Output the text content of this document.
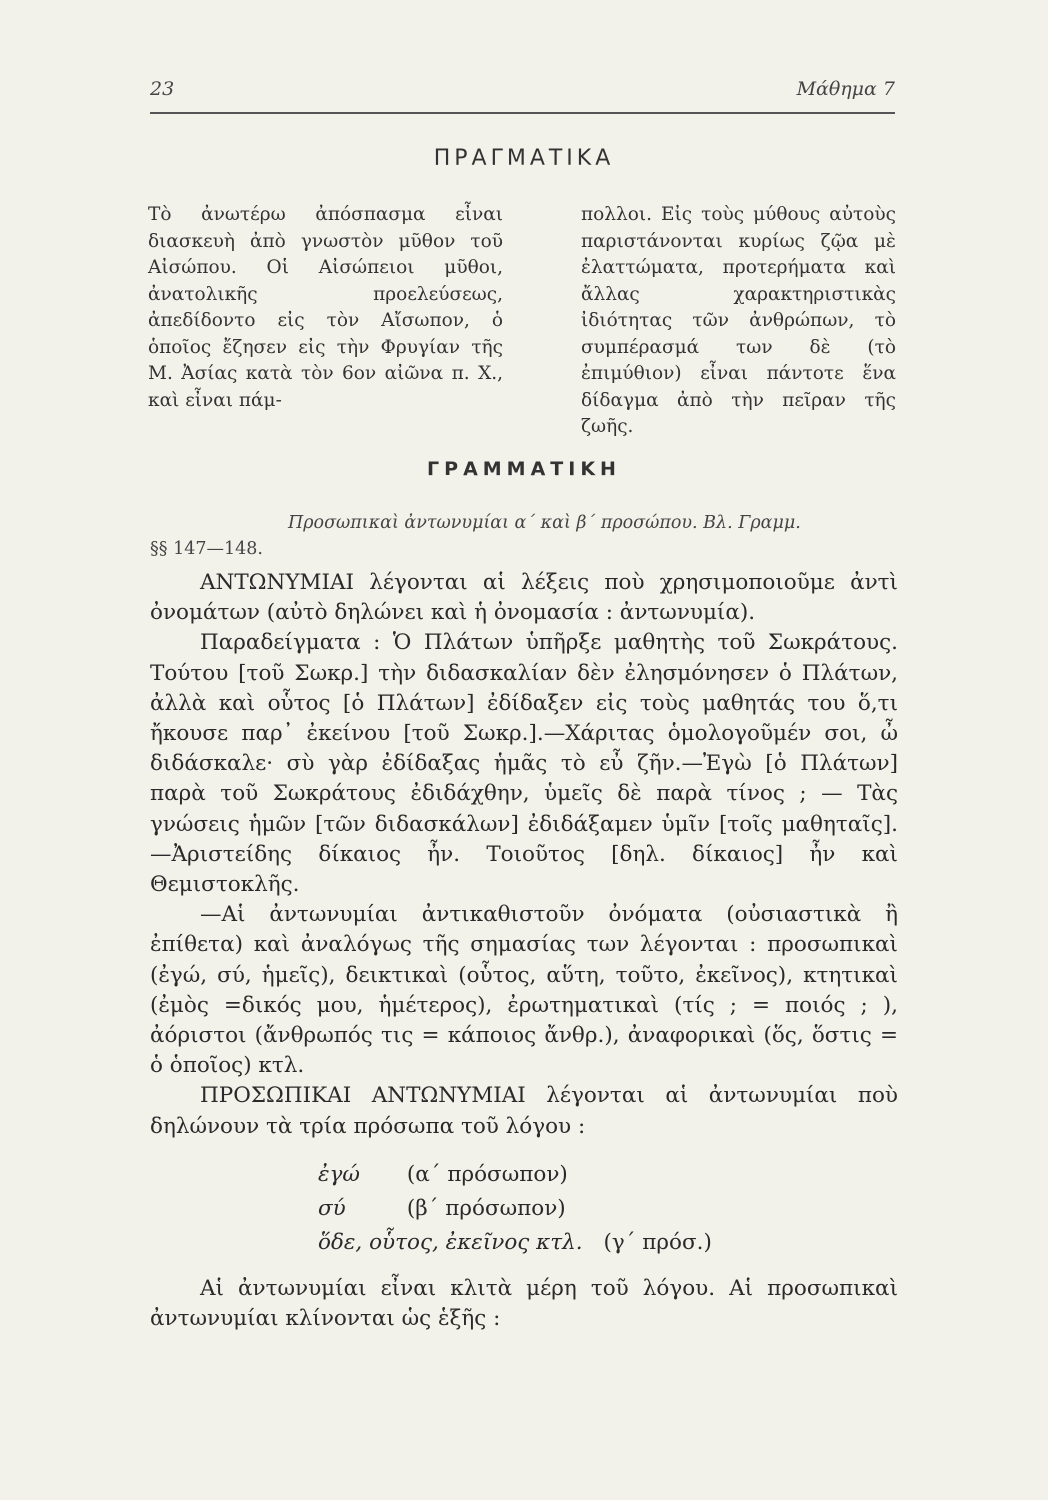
23	Μάθημα 7
ΠΡΑΓΜΑΤΙΚΑ
Τὸ ἀνωτέρω ἀπόσπασμα εἶναι διασκευὴ ἀπὸ γνωστὸν μῦθον τοῦ Αἰσώπου. Οἱ Αἰσώπειοι μῦθοι, ἀνατολικῆς προελεύσεως, ἀπεδίδοντο εἰς τὸν Αἴσωπον, ὁ ὁποῖος ἔζησεν εἰς τὴν Φρυγίαν τῆς Μ. Ἀσίας κατὰ τὸν 6ον αἰῶνα π. Χ., καὶ εἶναι πάμ-
πολλοι. Εἰς τοὺς μύθους αὐτοὺς παριστάνονται κυρίως ζῷα μὲ ἐλαττώματα, προτερήματα καὶ ἄλλας χαρακτηριστικὰς ἰδιότητας τῶν ἀνθρώπων, τὸ συμπέρασμά των δὲ (τὸ ἐπιμύθιον) εἶναι πάντοτε ἕνα δίδαγμα ἀπὸ τὴν πεῖραν τῆς ζωῆς.
ΓΡΑΜΜΑΤΙΚΗ
Προσωπικαὶ ἀντωνυμίαι α΄ καὶ β΄ προσώπου. Βλ. Γραμμ.
§§ 147—148.

ΑΝΤΩΝΥΜΙΑΙ λέγονται αἱ λέξεις ποὺ χρησιμοποιοῦμε ἀντὶ ὀνομάτων (αὐτὸ δηλώνει καὶ ἡ ὀνομασία : ἀντωνυμία).

Παραδείγματα : Ὁ Πλάτων ὑπῆρξε μαθητὴς τοῦ Σωκράτους. Τούτου [τοῦ Σωκρ.] τὴν διδασκαλίαν δὲν ἐλησμόνησεν ὁ Πλάτων, ἀλλὰ καὶ οὗτος [ὁ Πλάτων] ἐδίδαξεν εἰς τοὺς μαθητάς του ὅ,τι ἤκουσε παρ᾽ ἐκείνου [τοῦ Σωκρ.].—Χάριτας ὁμολογοῦμέν σοι, ὦ διδάσκαλε· σὺ γὰρ ἐδίδαξας ἡμᾶς τὸ εὖ ζῆν.—Ἐγὼ [ὁ Πλάτων] παρὰ τοῦ Σωκράτους ἐδιδάχθην, ὑμεῖς δὲ παρὰ τίνος ; — Τὰς γνώσεις ἡμῶν [τῶν διδασκάλων] ἐδιδάξαμεν ὑμῖν [τοῖς μαθηταῖς].—Ἀριστείδης δίκαιος ἦν. Τοιοῦτος [δηλ. δίκαιος] ἦν καὶ Θεμιστοκλῆς.

—Αἱ ἀντωνυμίαι ἀντικαθιστοῦν ὀνόματα (οὐσιαστικὰ ἢ ἐπίθετα) καὶ ἀναλόγως τῆς σημασίας των λέγονται : προσωπικαὶ (ἐγώ, σύ, ἡμεῖς), δεικτικαὶ (οὗτος, αὕτη, τοῦτο, ἐκεῖνος), κτητικαὶ (ἐμὸς =δικός μου, ἡμέτερος), ἐρωτηματικαὶ (τίς ; = ποιός ; ), ἀόριστοι (ἄνθρωπός τις = κάποιος ἄνθρ.), ἀναφορικαὶ (ὅς, ὅστις = ὁ ὁποῖος) κτλ.

ΠΡΟΣΩΠΙΚΑΙ ΑΝΤΩΝΥΜΙΑΙ λέγονται αἱ ἀντωνυμίαι ποὺ δηλώνουν τὰ τρία πρόσωπα τοῦ λόγου :

ἐγώ (α΄ πρόσωπον)
σύ	(β΄ πρόσωπον)
ὅδε, οὗτος, ἐκεῖνος κτλ. (γ΄ πρόσ.)

Αἱ ἀντωνυμίαι εἶναι κλιτὰ μέρη τοῦ λόγου. Αἱ προσωπικαὶ ἀντωνυμίαι κλίνονται ὡς ἑξῆς :
